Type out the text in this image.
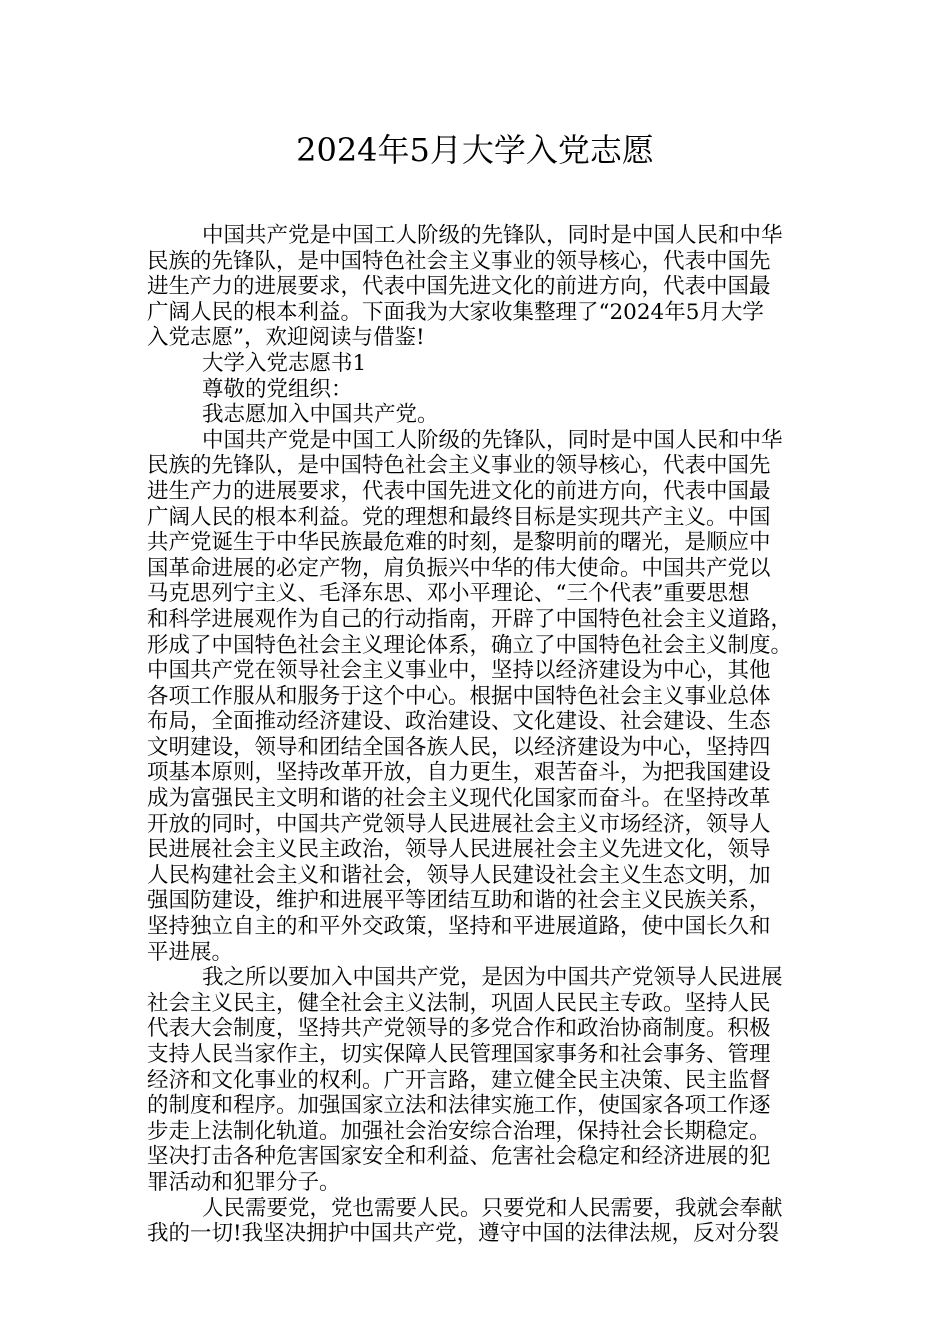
2024年5月大学入党志愿
中国共产党是中国工人阶级的先锋队，同时是中国人民和中华
民族的先锋队，是中国特色社会主义事业的领导核心，代表中国先
进生产力的进展要求，代表中国先进文化的前进方向，代表中国最
广阔人民的根本利益。下面我为大家收集整理了“2024年5月大学
入党志愿”，欢迎阅读与借鉴!
大学入党志愿书1
尊敬的党组织：
我志愿加入中国共产党。
中国共产党是中国工人阶级的先锋队，同时是中国人民和中华
民族的先锋队，是中国特色社会主义事业的领导核心，代表中国先
进生产力的进展要求，代表中国先进文化的前进方向，代表中国最
广阔人民的根本利益。党的理想和最终目标是实现共产主义。中国
共产党诞生于中华民族最危难的时刻，是黎明前的曙光，是顺应中
国革命进展的必定产物，肩负振兴中华的伟大使命。中国共产党以
马克思列宁主义、毛泽东思、邓小平理论、“三个代表”重要思想
和科学进展观作为自己的行动指南，开辟了中国特色社会主义道路，
形成了中国特色社会主义理论体系，确立了中国特色社会主义制度。
中国共产党在领导社会主义事业中，坚持以经济建设为中心，其他
各项工作服从和服务于这个中心。根据中国特色社会主义事业总体
布局，全面推动经济建设、政治建设、文化建设、社会建设、生态
文明建设，领导和团结全国各族人民，以经济建设为中心，坚持四
项基本原则，坚持改革开放，自力更生，艰苦奋斗，为把我国建设
成为富强民主文明和谐的社会主义现代化国家而奋斗。在坚持改革
开放的同时，中国共产党领导人民进展社会主义市场经济，领导人
民进展社会主义民主政治，领导人民进展社会主义先进文化，领导
人民构建社会主义和谐社会，领导人民建设社会主义生态文明，加
强国防建设，维护和进展平等团结互助和谐的社会主义民族关系，
坚持独立自主的和平外交政策，坚持和平进展道路，使中国长久和
平进展。
我之所以要加入中国共产党，是因为中国共产党领导人民进展
社会主义民主，健全社会主义法制，巩固人民民主专政。坚持人民
代表大会制度，坚持共产党领导的多党合作和政治协商制度。积极
支持人民当家作主，切实保障人民管理国家事务和社会事务、管理
经济和文化事业的权利。广开言路，建立健全民主决策、民主监督
的制度和程序。加强国家立法和法律实施工作，使国家各项工作逐
步走上法制化轨道。加强社会治安综合治理，保持社会长期稳定。
坚决打击各种危害国家安全和利益、危害社会稳定和经济进展的犯
罪活动和犯罪分子。
人民需要党，党也需要人民。只要党和人民需要，我就会奉献
我的一切!我坚决拥护中国共产党，遵守中国的法律法规，反对分裂
